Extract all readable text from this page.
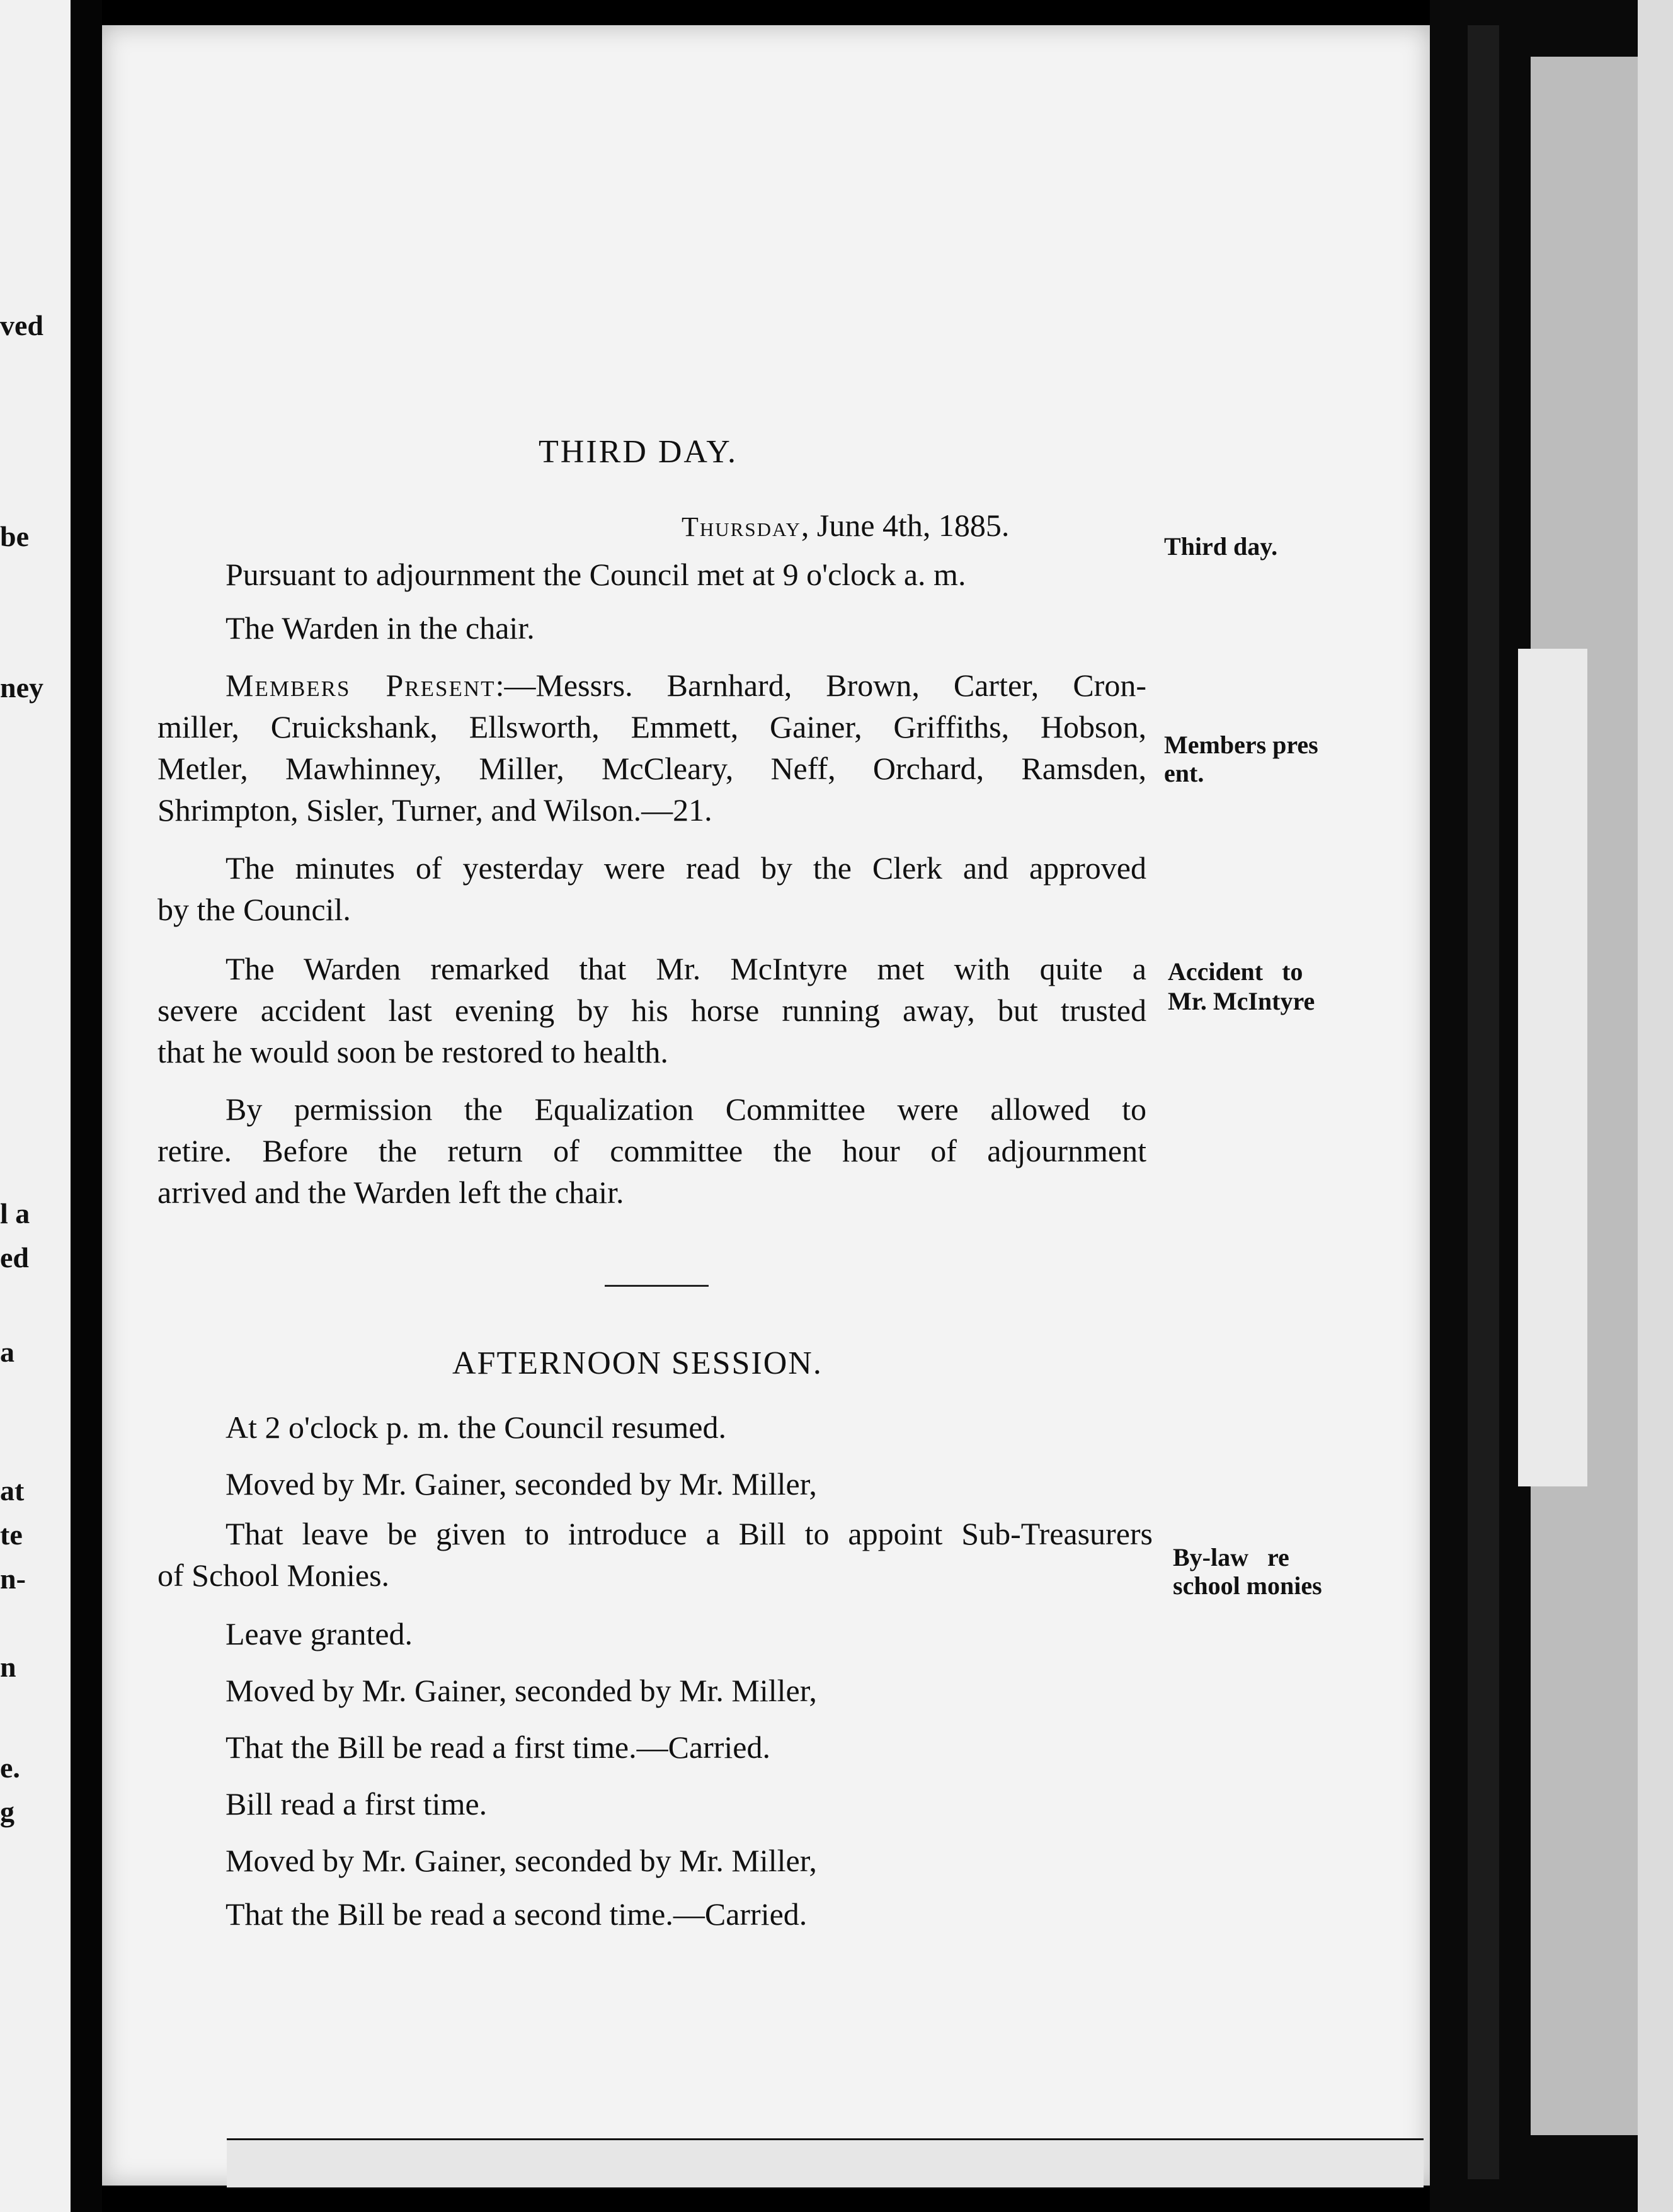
ved
be
ney
l a
ed
a
at
te
n-
n
e.
g
THIRD DAY.
Thursday, June 4th, 1885.
Pursuant to adjournment the Council met at 9 o'clock a. m.
The Warden in the chair.
Members Present:—Messrs. Barnhard, Brown, Carter, Cron-
miller, Cruickshank, Ellsworth, Emmett, Gainer, Griffiths, Hobson,
Metler, Mawhinney, Miller, McCleary, Neff, Orchard, Ramsden,
Shrimpton, Sisler, Turner, and Wilson.—21.
The minutes of yesterday were read by the Clerk and approved
by the Council.
The Warden remarked that Mr. McIntyre met with quite a
severe accident last evening by his horse running away, but trusted
that he would soon be restored to health.
By permission the Equalization Committee were allowed to
retire. Before the return of committee the hour of adjournment
arrived and the Warden left the chair.
AFTERNOON SESSION.
At 2 o'clock p. m. the Council resumed.
Moved by Mr. Gainer, seconded by Mr. Miller,
That leave be given to introduce a Bill to appoint Sub-Treasurers
of School Monies.
Leave granted.
Moved by Mr. Gainer, seconded by Mr. Miller,
That the Bill be read a first time.—Carried.
Bill read a first time.
Moved by Mr. Gainer, seconded by Mr. Miller,
That the Bill be read a second time.—Carried.
Third day.
Members pres
ent.
Accident   to
Mr. McIntyre
By-law   re
school monies
